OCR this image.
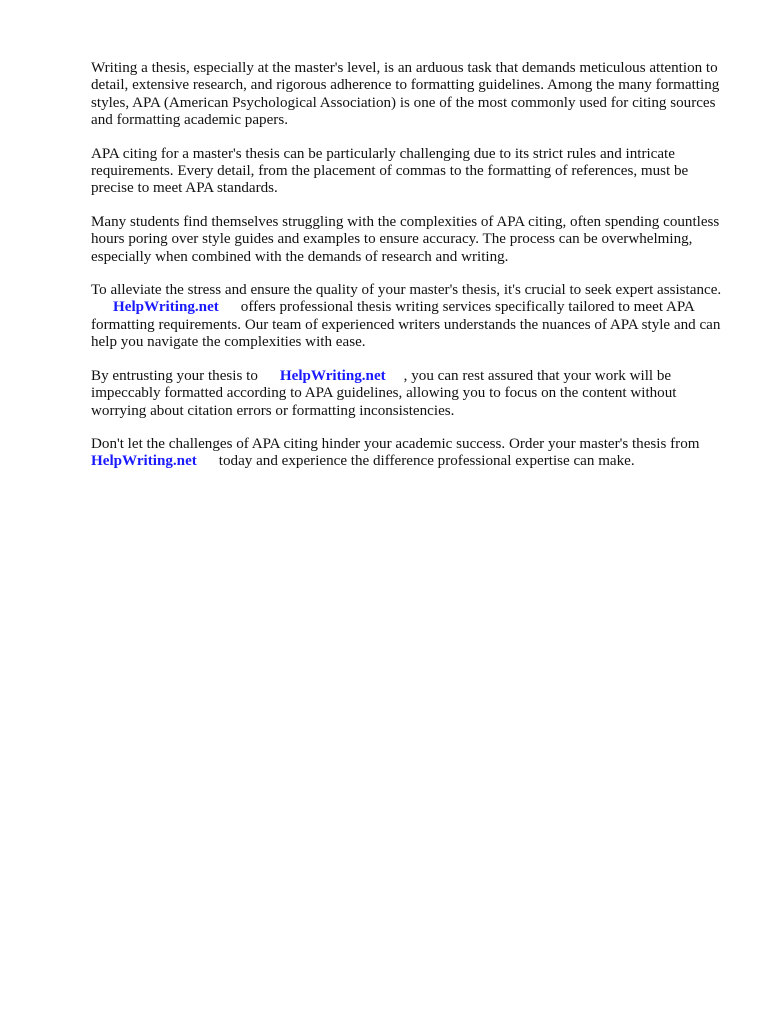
Writing a thesis, especially at the master's level, is an arduous task that demands meticulous attention to detail, extensive research, and rigorous adherence to formatting guidelines. Among the many formatting styles, APA (American Psychological Association) is one of the most commonly used for citing sources and formatting academic papers.

APA citing for a master's thesis can be particularly challenging due to its strict rules and intricate requirements. Every detail, from the placement of commas to the formatting of references, must be precise to meet APA standards.

Many students find themselves struggling with the complexities of APA citing, often spending countless hours poring over style guides and examples to ensure accuracy. The process can be overwhelming, especially when combined with the demands of research and writing.

To alleviate the stress and ensure the quality of your master's thesis, it's crucial to seek expert assistance.HelpWriting.net offers professional thesis writing services specifically tailored to meet APA formatting requirements. Our team of experienced writers understands the nuances of APA style and can help you navigate the complexities with ease.

By entrusting your thesis to HelpWriting.net , you can rest assured that your work will be impeccably formatted according to APA guidelines, allowing you to focus on the content without worrying about citation errors or formatting inconsistencies.

Don't let the challenges of APA citing hinder your academic success. Order your master's thesis from HelpWriting.net today and experience the difference professional expertise can make.
